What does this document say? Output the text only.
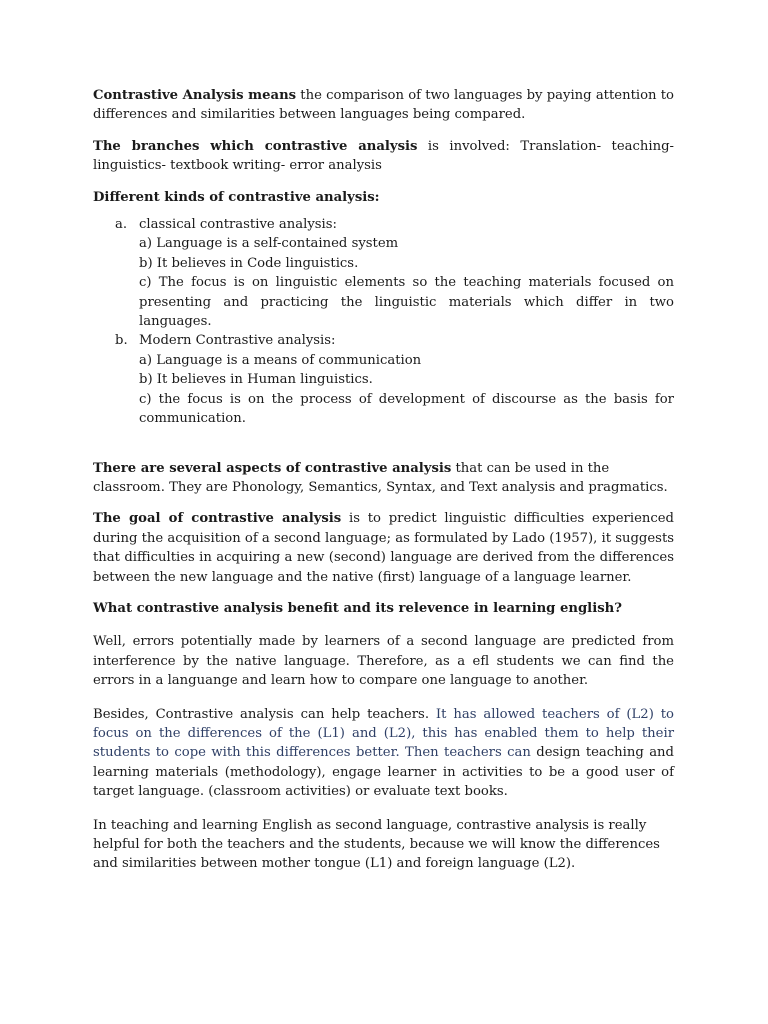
Contrastive Analysis means the comparison of two languages by paying attention to differences and similarities between languages being compared.

The branches which contrastive analysis is involved: Translation- teaching- linguistics- textbook writing- error analysis

Different kinds of contrastive analysis:

a. classical contrastive analysis:

a) Language is a self-contained system

b) It believes in Code linguistics.

c) The focus is on linguistic elements so the teaching materials focused on presenting and practicing the linguistic materials which differ in two languages.

b. Modern Contrastive analysis:

a) Language is a means of communication

b) It believes in Human linguistics.

c) the focus is on the process of development of discourse as the basis for communication.

There are several aspects of contrastive analysis that can be used in the classroom. They are Phonology, Semantics, Syntax, and Text analysis and pragmatics.

The goal of contrastive analysis is to predict linguistic difficulties experienced during the acquisition of a second language; as formulated by Lado (1957), it suggests that difficulties in acquiring a new (second) language are derived from the differences between the new language and the native (first) language of a language learner.

What contrastive analysis benefit and its relevence in learning english?

Well, errors potentially made by learners of a second language are predicted from interference by the native language. Therefore, as a efl students we can find the errors in a languange and learn how to compare one language to another.

Besides, Contrastive analysis can help teachers. It has allowed teachers of (L2) to focus on the differences of the (L1) and (L2), this has enabled them to help their students to cope with this differences better. Then teachers can design teaching and learning materials (methodology), engage learner in activities to be a good user of target language. (classroom activities) or evaluate text books.

In teaching and learning English as second language, contrastive analysis is really helpful for both the teachers and the students, because we will know the differences and similarities between mother tongue (L1) and foreign language (L2).
